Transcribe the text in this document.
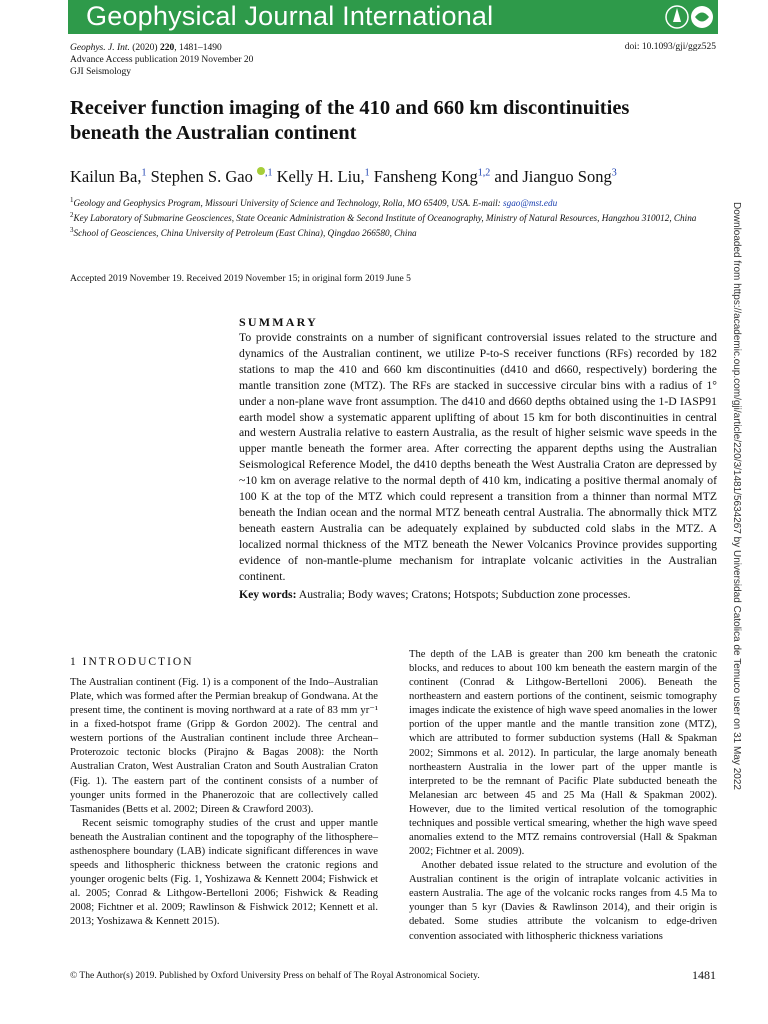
Geophysical Journal International
Geophys. J. Int. (2020) 220, 1481–1490
Advance Access publication 2019 November 20
GJI Seismology
doi: 10.1093/gji/ggz525
Receiver function imaging of the 410 and 660 km discontinuities beneath the Australian continent
Kailun Ba,$^1$ Stephen S. Gao $^{,1}$ Kelly H. Liu,$^1$ Fansheng Kong$^{1,2}$ and Jianguo Song$^3$
$^1$Geology and Geophysics Program, Missouri University of Science and Technology, Rolla, MO 65409, USA. E-mail: sgao@mst.edu
$^2$Key Laboratory of Submarine Geosciences, State Oceanic Administration & Second Institute of Oceanography, Ministry of Natural Resources, Hangzhou 310012, China
$^3$School of Geosciences, China University of Petroleum (East China), Qingdao 266580, China
Accepted 2019 November 19. Received 2019 November 15; in original form 2019 June 5
SUMMARY
To provide constraints on a number of significant controversial issues related to the structure and dynamics of the Australian continent, we utilize P-to-S receiver functions (RFs) recorded by 182 stations to map the 410 and 660 km discontinuities (d410 and d660, respectively) bordering the mantle transition zone (MTZ). The RFs are stacked in successive circular bins with a radius of 1° under a non-plane wave front assumption. The d410 and d660 depths obtained using the 1-D IASP91 earth model show a systematic apparent uplifting of about 15 km for both discontinuities in central and western Australia relative to eastern Australia, as the result of higher seismic wave speeds in the upper mantle beneath the former area. After correcting the apparent depths using the Australian Seismological Reference Model, the d410 depths beneath the West Australia Craton are depressed by ~10 km on average relative to the normal depth of 410 km, indicating a positive thermal anomaly of 100 K at the top of the MTZ which could represent a transition from a thinner than normal MTZ beneath the Indian ocean and the normal MTZ beneath central Australia. The abnormally thick MTZ beneath eastern Australia can be adequately explained by subducted cold slabs in the MTZ. A localized normal thickness of the MTZ beneath the Newer Volcanics Province provides supporting evidence of non-mantle-plume mechanism for intraplate volcanic activities in the Australian continent.
Key words: Australia; Body waves; Cratons; Hotspots; Subduction zone processes.
1 INTRODUCTION

The Australian continent (Fig. 1) is a component of the Indo–Australian Plate, which was formed after the Permian breakup of Gondwana. At the present time, the continent is moving northward at a rate of 83 mm yr⁻¹ in a fixed-hotspot frame (Gripp & Gordon 2002). The central and western portions of the Australian continent include three Archean–Proterozoic tectonic blocks (Pirajno & Bagas 2008): the North Australian Craton, West Australian Craton and South Australian Craton (Fig. 1). The eastern part of the continent consists of a number of younger units formed in the Phanerozoic that are collectively called Tasmanides (Betts et al. 2002; Direen & Crawford 2003).

Recent seismic tomography studies of the crust and upper mantle beneath the Australian continent and the topography of the lithosphere–asthenosphere boundary (LAB) indicate significant differences in wave speeds and lithospheric thickness between the cratonic regions and younger orogenic belts (Fig. 1, Yoshizawa & Kennett 2004; Fishwick et al. 2005; Conrad & Lithgow-Bertelloni 2006; Fishwick & Reading 2008; Fichtner et al. 2009; Rawlinson & Fishwick 2012; Kennett et al. 2013; Yoshizawa & Kennett 2015).

The depth of the LAB is greater than 200 km beneath the cratonic blocks, and reduces to about 100 km beneath the eastern margin of the continent (Conrad & Lithgow-Bertelloni 2006). Beneath the northeastern and eastern portions of the continent, seismic tomography images indicate the existence of high wave speed anomalies in the lower portion of the upper mantle and the mantle transition zone (MTZ), which are attributed to former subduction systems (Hall & Spakman 2002; Simmons et al. 2012). In particular, the large anomaly beneath northeastern Australia in the lower part of the upper mantle is interpreted to be the remnant of Pacific Plate subducted beneath the Melanesian arc between 45 and 25 Ma (Hall & Spakman 2002). However, due to the limited vertical resolution of the tomographic techniques and possible vertical smearing, whether the high wave speed anomalies extend to the MTZ remains controversial (Hall & Spakman 2002; Fichtner et al. 2009).

Another debated issue related to the structure and evolution of the Australian continent is the origin of intraplate volcanic activities in eastern Australia. The age of the volcanic rocks ranges from 4.5 Ma to younger than 5 kyr (Davies & Rawlinson 2014), and their origin is debated. Some studies attribute the volcanism to edge-driven convention associated with lithospheric thickness variations

© The Author(s) 2019. Published by Oxford University Press on behalf of The Royal Astronomical Society.	1481
Downloaded from https://academic.oup.com/gji/article/220/3/1481/5634267 by Universidad Catolica de Temuco user on 31 May 2022
